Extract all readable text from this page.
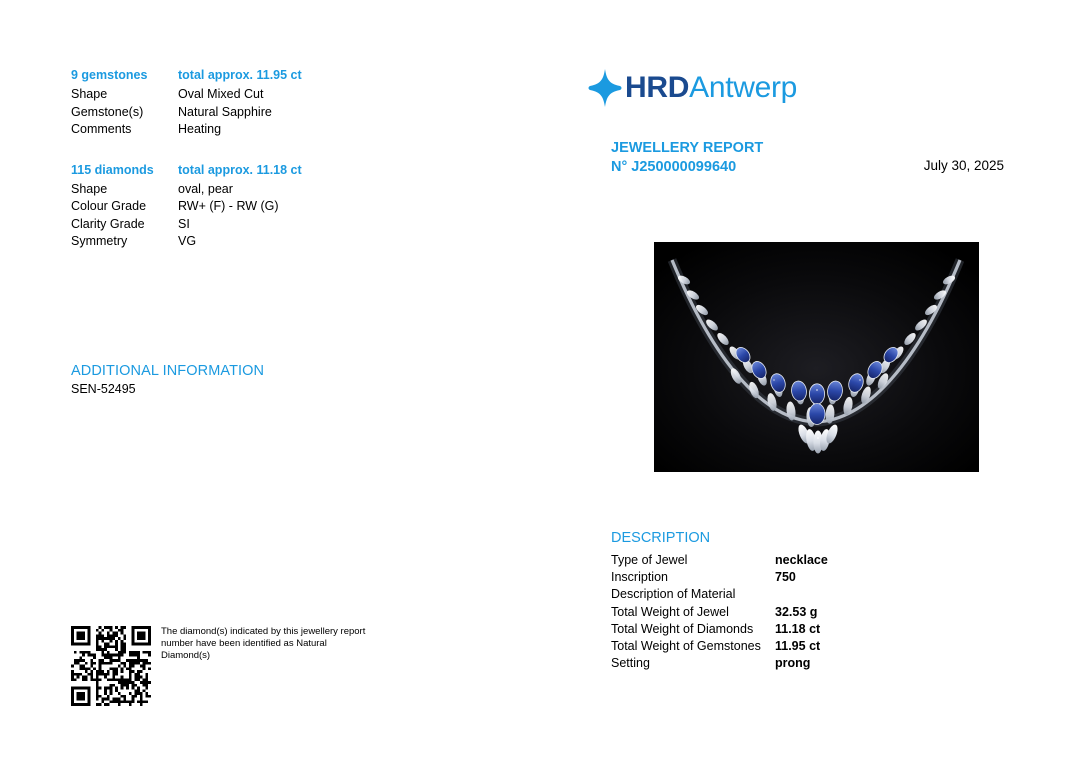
9 gemstones	total approx. 11.95 ct
Shape	Oval Mixed Cut
Gemstone(s)	Natural Sapphire
Comments	Heating
115 diamonds	total approx. 11.18 ct
Shape	oval, pear
Colour Grade	RW+ (F) - RW (G)
Clarity Grade	SI
Symmetry	VG
ADDITIONAL INFORMATION
SEN-52495
The diamond(s) indicated by this jewellery report number have been identified as Natural Diamond(s)
HRDAntwerp
JEWELLERY REPORT
N° J250000099640	July 30, 2025
DESCRIPTION
Type of Jewel	necklace
Inscription	750
Description of Material
Total Weight of Jewel	32.53 g
Total Weight of Diamonds	11.18 ct
Total Weight of Gemstones	11.95 ct
Setting	prong
